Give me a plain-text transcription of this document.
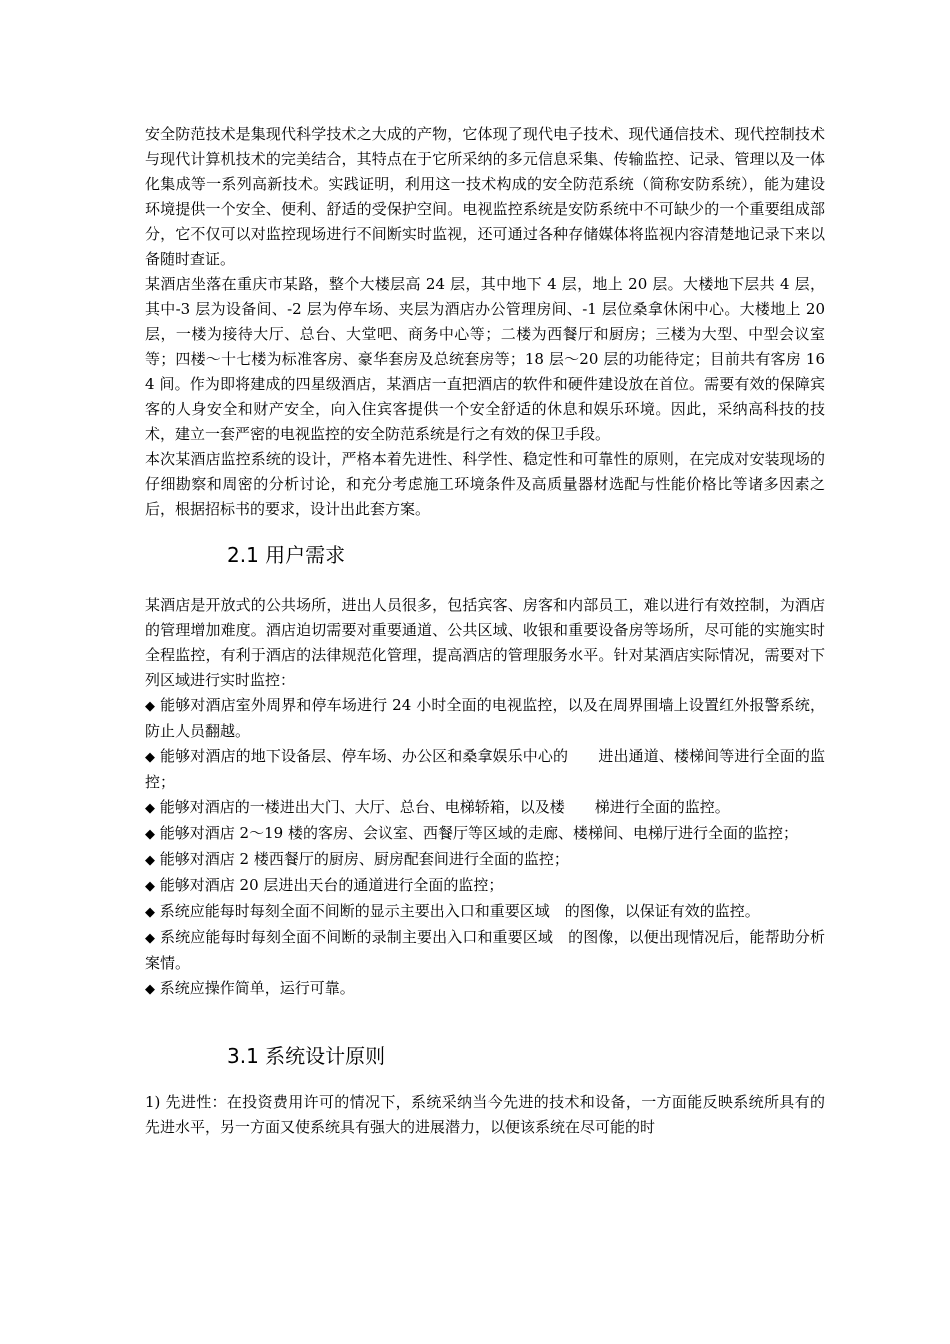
安全防范技术是集现代科学技术之大成的产物，它体现了现代电子技术、现代通信技术、现代控制技术与现代计算机技术的完美结合，其特点在于它所采纳的多元信息采集、传输监控、记录、管理以及一体化集成等一系列高新技术。实践证明，利用这一技术构成的安全防范系统（简称安防系统），能为建设环境提供一个安全、便利、舒适的受保护空间。电视监控系统是安防系统中不可缺少的一个重要组成部分，它不仅可以对监控现场进行不间断实时监视，还可通过各种存储媒体将监视内容清楚地记录下来以备随时查证。

某酒店坐落在重庆市某路，整个大楼层高 24 层，其中地下 4 层，地上 20 层。大楼地下层共 4 层，其中-3 层为设备间、-2 层为停车场、夹层为酒店办公管理房间、-1 层位桑拿休闲中心。大楼地上 20 层，一楼为接待大厅、总台、大堂吧、商务中心等；二楼为西餐厅和厨房；三楼为大型、中型会议室等；四楼～十七楼为标准客房、豪华套房及总统套房等；18 层～20 层的功能待定；目前共有客房 164 间。作为即将建成的四星级酒店，某酒店一直把酒店的软件和硬件建设放在首位。需要有效的保障宾客的人身安全和财产安全，向入住宾客提供一个安全舒适的休息和娱乐环境。因此，采纳高科技的技术，建立一套严密的电视监控的安全防范系统是行之有效的保卫手段。

本次某酒店监控系统的设计，严格本着先进性、科学性、稳定性和可靠性的原则，在完成对安装现场的仔细勘察和周密的分析讨论，和充分考虑施工环境条件及高质量器材选配与性能价格比等诸多因素之后，根据招标书的要求，设计出此套方案。

2.1 用户需求

某酒店是开放式的公共场所，进出人员很多，包括宾客、房客和内部员工，难以进行有效控制，为酒店的管理增加难度。酒店迫切需要对重要通道、公共区域、收银和重要设备房等场所，尽可能的实施实时全程监控，有利于酒店的法律规范化管理，提高酒店的管理服务水平。针对某酒店实际情况，需要对下列区域进行实时监控：

◆ 能够对酒店室外周界和停车场进行 24 小时全面的电视监控，以及在周界围墙上设置红外报警系统，防止人员翻越。

◆ 能够对酒店的地下设备层、停车场、办公区和桑拿娱乐中心的　　进出通道、楼梯间等进行全面的监控；

◆ 能够对酒店的一楼进出大门、大厅、总台、电梯轿箱，以及楼　　梯进行全面的监控。

◆ 能够对酒店 2～19 楼的客房、会议室、西餐厅等区域的走廊、楼梯间、电梯厅进行全面的监控；

◆ 能够对酒店 2 楼西餐厅的厨房、厨房配套间进行全面的监控；

◆ 能够对酒店 20 层进出天台的通道进行全面的监控；

◆ 系统应能每时每刻全面不间断的显示主要出入口和重要区域　的图像，以保证有效的监控。

◆ 系统应能每时每刻全面不间断的录制主要出入口和重要区域　的图像，以便出现情况后，能帮助分析案情。

◆ 系统应操作简单，运行可靠。

3.1 系统设计原则

1) 先进性：在投资费用许可的情况下，系统采纳当今先进的技术和设备，一方面能反映系统所具有的先进水平，另一方面又使系统具有强大的进展潜力，以便该系统在尽可能的时
